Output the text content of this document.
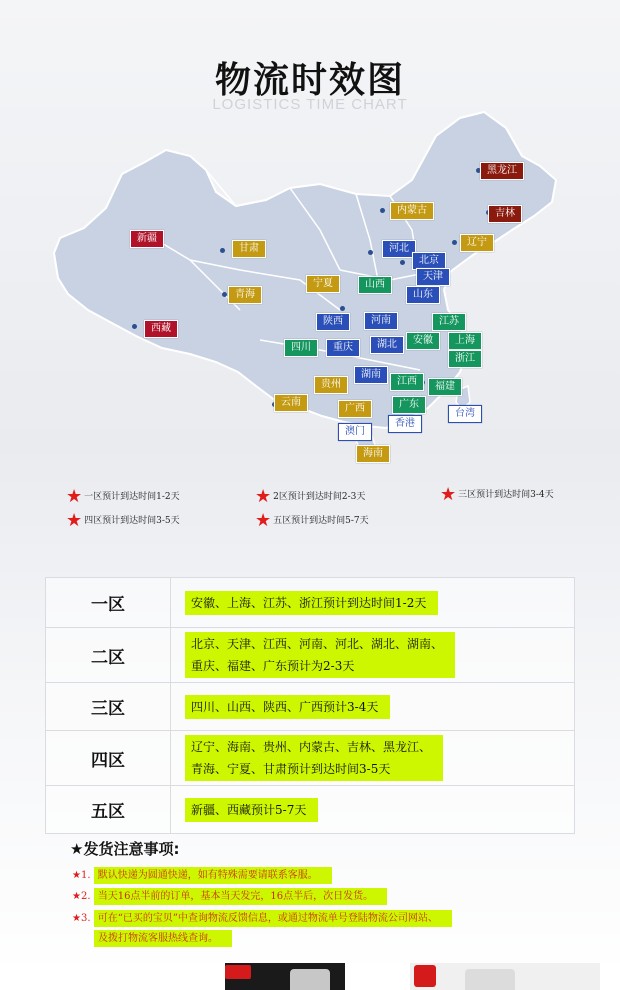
物流时效图
LOGISTICS TIME CHART
黑龙江
吉林
内蒙古
辽宁
新疆
甘肃	河北
北京
天津
宁夏	山西
山东
青海
西藏
陕西	河南	江苏
四川	重庆	湖北	安徽	上海
浙江
湖南
贵州	江西	福建
云南
广西	广东
台湾
澳门
香港
海南
★ 一区预计到达时间1-2天	★ 2区预计到达时间2-3天	★ 三区预计到达时间3-4天
★ 四区预计到达时间3-5天	★ 五区预计到达时间5-7天
一区	安徽、上海、江苏、浙江预计到达时间1-2天
二区	北京、天津、江西、河南、河北、湖北、湖南、
重庆、福建、广东预计为2-3天
三区	四川、山西、陕西、广西预计3-4天
四区	辽宁、海南、贵州、内蒙古、吉林、黑龙江、
青海、宁夏、甘肃预计到达时间3-5天
五区	新疆、西藏预计5-7天
★发货注意事项:
★1. 默认快递为圆通快递，如有特殊需要请联系客服。
★2. 当天16点半前的订单，基本当天发完，16点半后，次日发货。
★3. 可在“已买的宝贝”中查询物流反馈信息，或通过物流单号登陆物流公司网站、
及拨打物流客服热线查询。
